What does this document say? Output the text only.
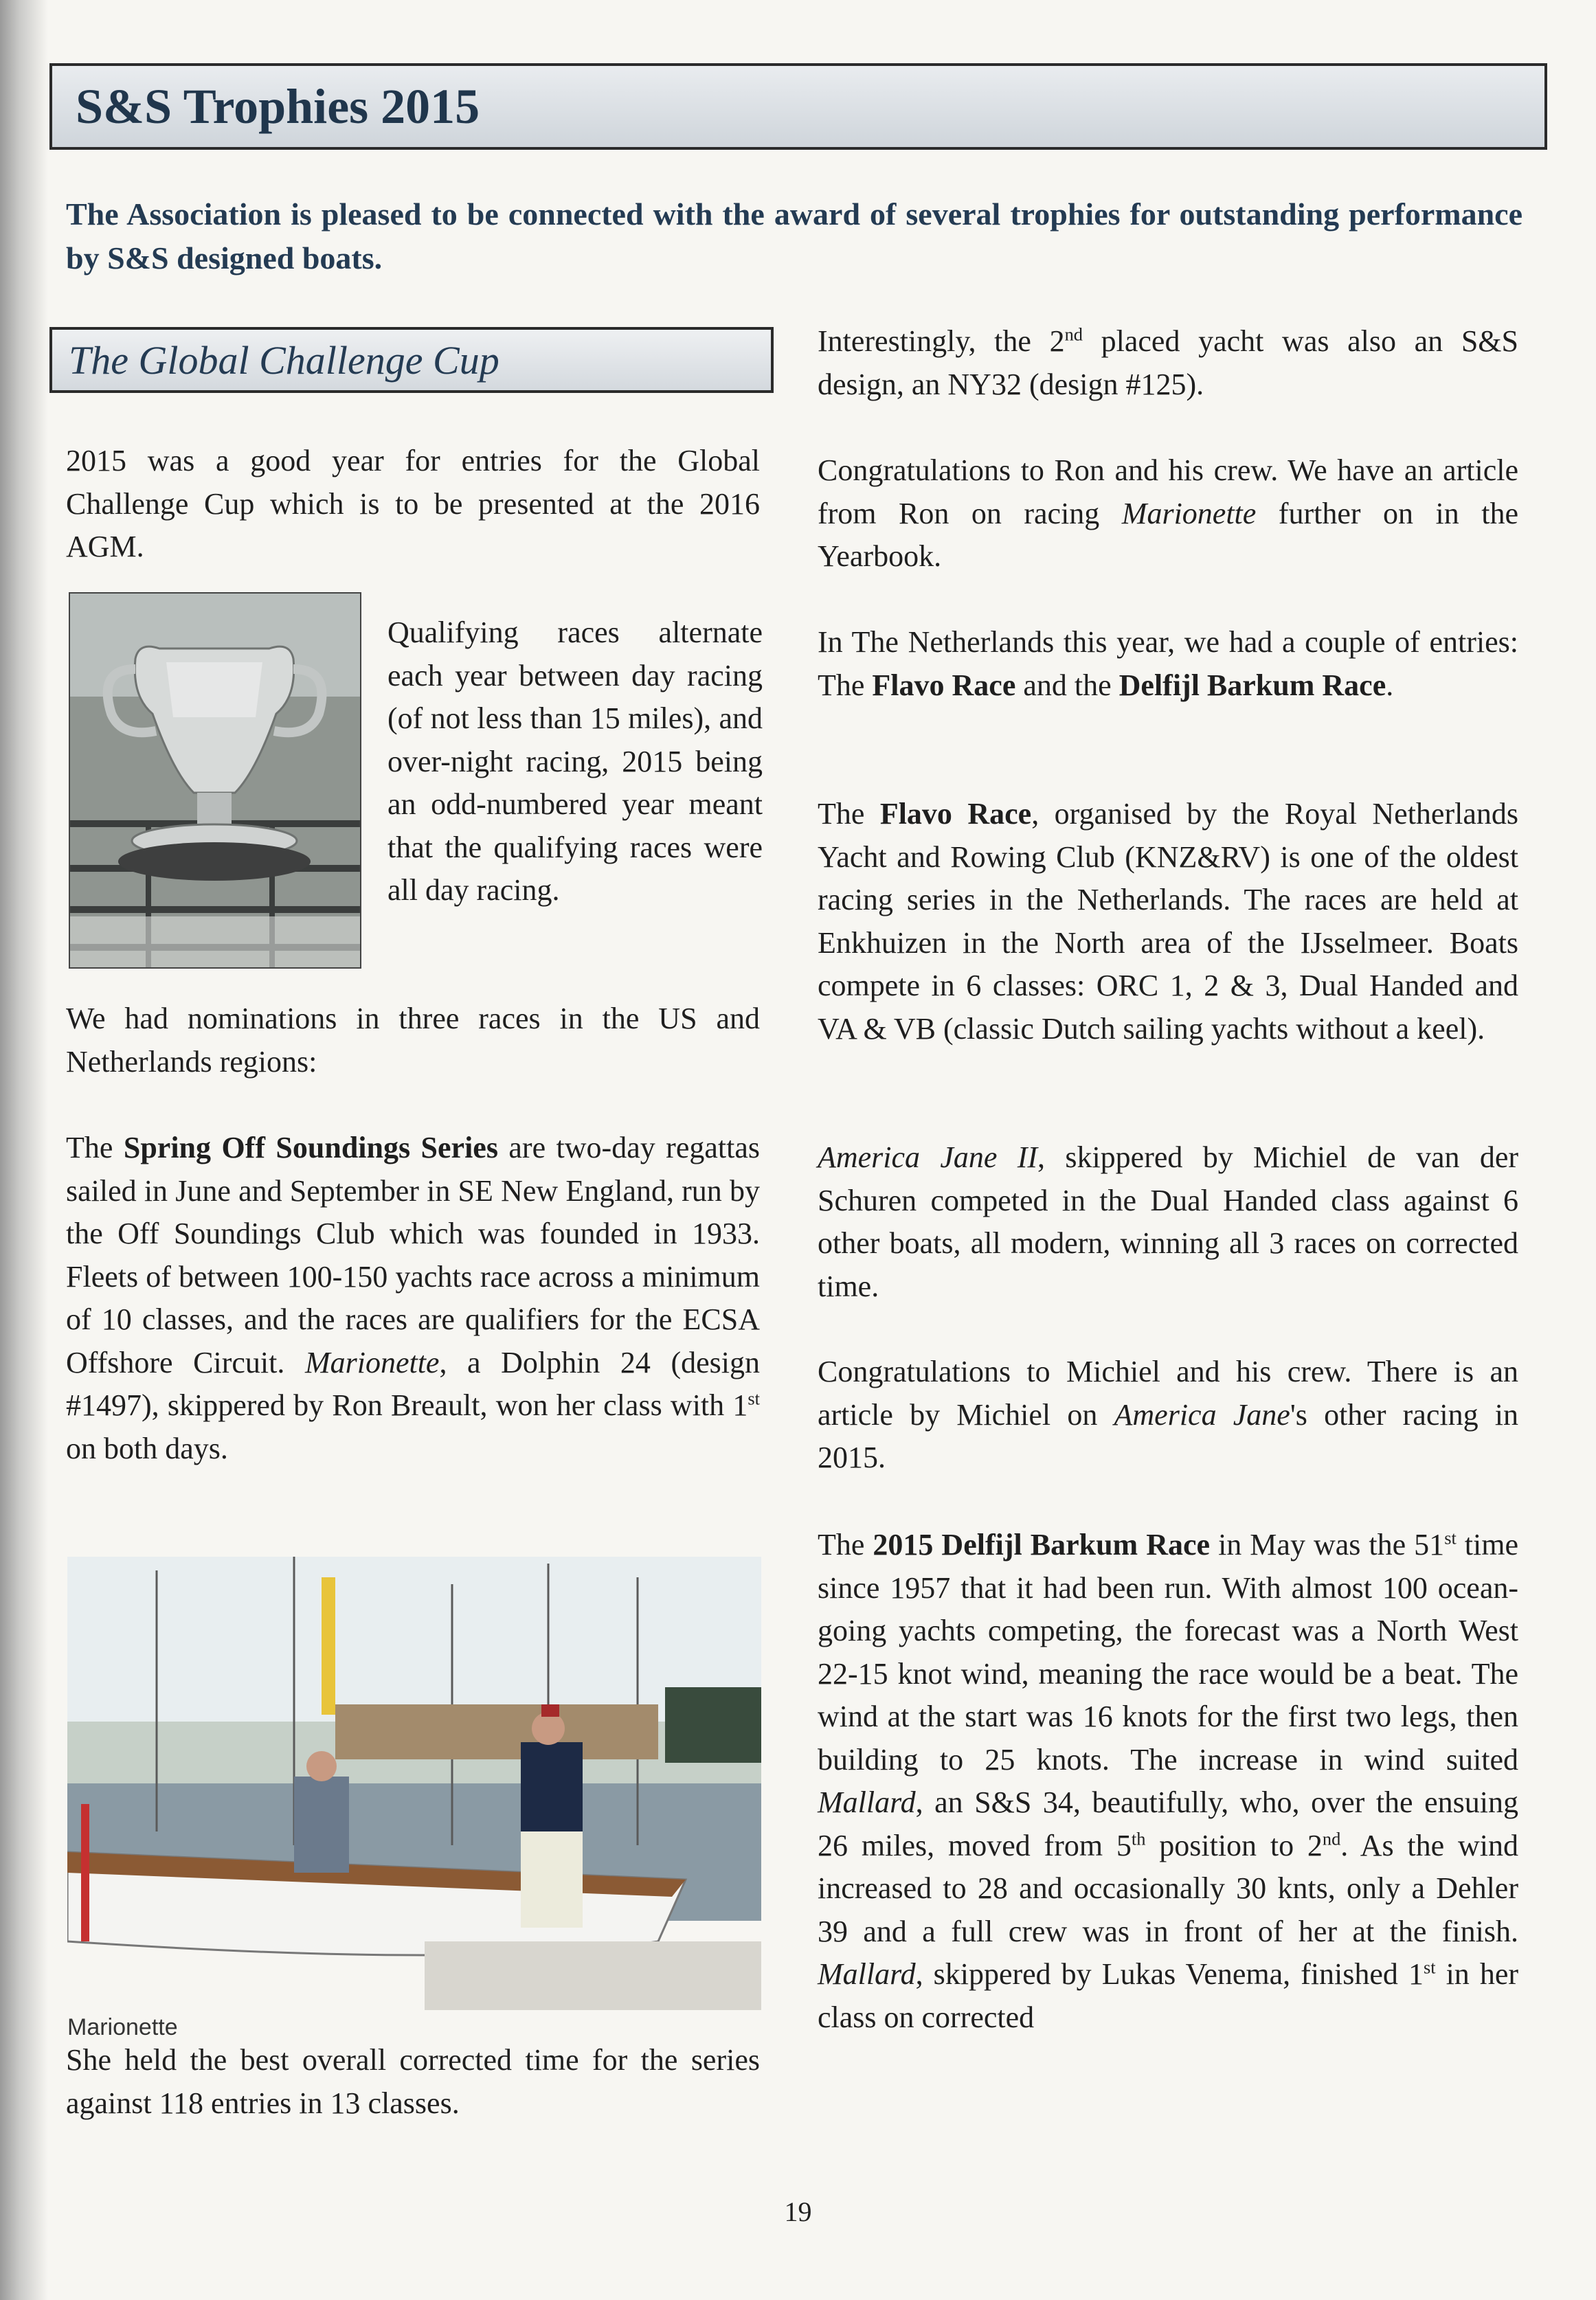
S&S Trophies 2015

The Association is pleased to be connected with the award of several trophies for outstanding performance by S&S designed boats.

The Global Challenge Cup

2015 was a good year for entries for the Global Challenge Cup which is to be presented at the 2016 AGM.

Qualifying races alternate each year between day racing (of not less than 15 miles), and over-night racing, 2015 being an odd-numbered year meant that the qualifying races were all day racing.

We had nominations in three races in the US and Netherlands regions:

The Spring Off Soundings Series are two-day regattas sailed in June and September in SE New England, run by the Off Soundings Club which was founded in 1933. Fleets of between 100-150 yachts race across a minimum of 10 classes, and the races are qualifiers for the ECSA Offshore Circuit. Marionette, a Dolphin 24 (design #1497), skippered by Ron Breault, won her class with 1st on both days.

Marionette

She held the best overall corrected time for the series against 118 entries in 13 classes.

Interestingly, the 2nd placed yacht was also an S&S design, an NY32 (design #125).

Congratulations to Ron and his crew. We have an article from Ron on racing Marionette further on in the Yearbook.

In The Netherlands this year, we had a couple of entries: The Flavo Race and the Delfijl Barkum Race.

The Flavo Race, organised by the Royal Netherlands Yacht and Rowing Club (KNZ&RV) is one of the oldest racing series in the Netherlands. The races are held at Enkhuizen in the North area of the IJsselmeer. Boats compete in 6 classes: ORC 1, 2 & 3, Dual Handed and VA & VB (classic Dutch sailing yachts without a keel).

America Jane II, skippered by Michiel de van der Schuren competed in the Dual Handed class against 6 other boats, all modern, winning all 3 races on corrected time.

Congratulations to Michiel and his crew. There is an article by Michiel on America Jane's other racing in 2015.

The 2015 Delfijl Barkum Race in May was the 51st time since 1957 that it had been run. With almost 100 ocean-going yachts competing, the forecast was a North West 22-15 knot wind, meaning the race would be a beat. The wind at the start was 16 knots for the first two legs, then building to 25 knots. The increase in wind suited Mallard, an S&S 34, beautifully, who, over the ensuing 26 miles, moved from 5th position to 2nd. As the wind increased to 28 and occasionally 30 knts, only a Dehler 39 and a full crew was in front of her at the finish. Mallard, skippered by Lukas Venema, finished 1st in her class on corrected

19
